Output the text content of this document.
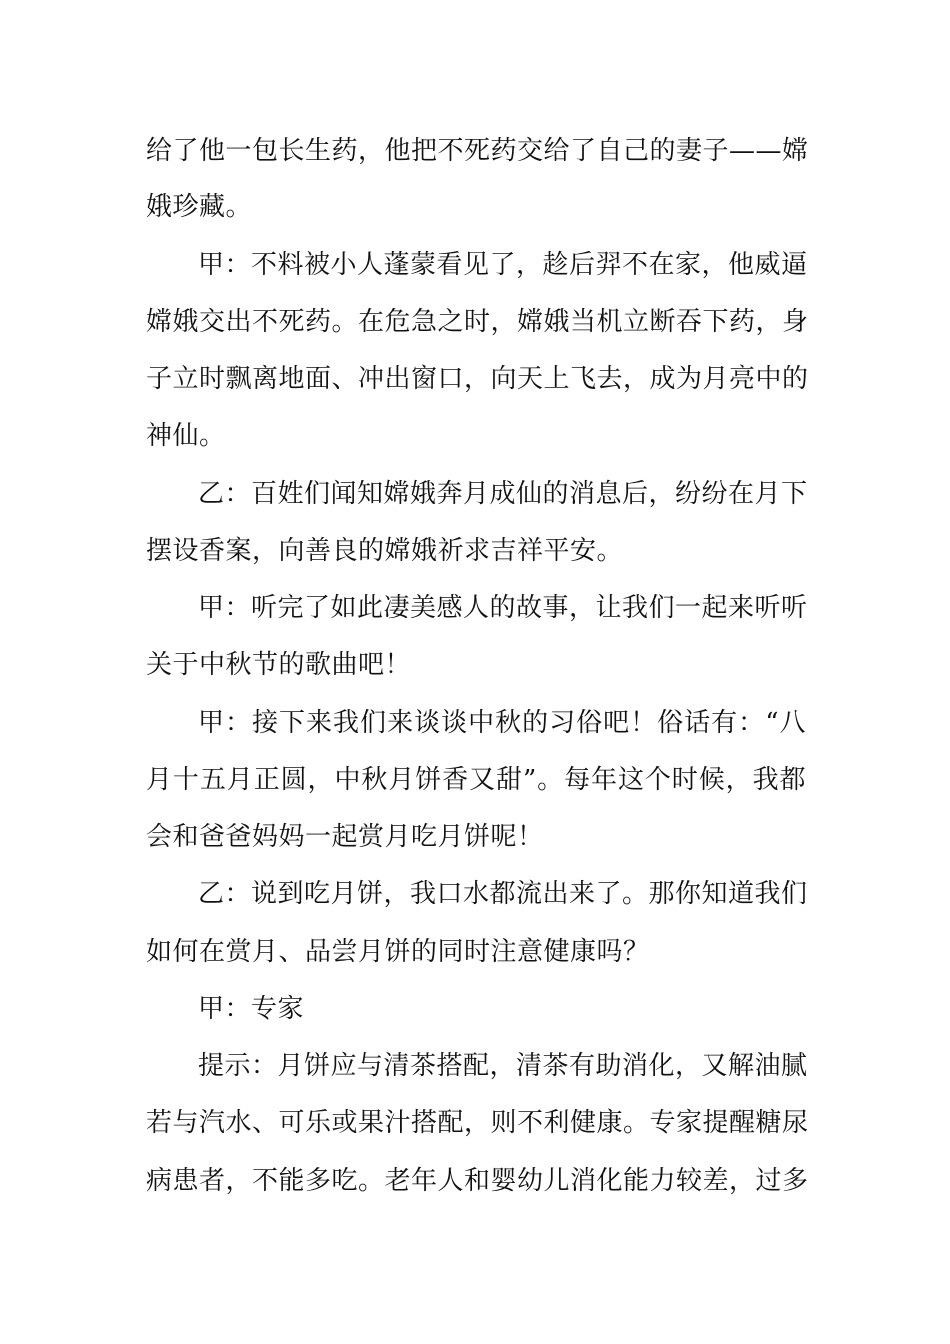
给了他一包长生药，他把不死药交给了自己的妻子——嫦
娥珍藏。
甲：不料被小人蓬蒙看见了，趁后羿不在家，他威逼
嫦娥交出不死药。在危急之时，嫦娥当机立断吞下药，身
子立时飘离地面、冲出窗口，向天上飞去，成为月亮中的
神仙。
乙：百姓们闻知嫦娥奔月成仙的消息后，纷纷在月下
摆设香案，向善良的嫦娥祈求吉祥平安。
甲：听完了如此凄美感人的故事，让我们一起来听听
关于中秋节的歌曲吧！
甲：接下来我们来谈谈中秋的习俗吧！俗话有：“八
月十五月正圆，中秋月饼香又甜”。每年这个时候，我都
会和爸爸妈妈一起赏月吃月饼呢！
乙：说到吃月饼，我口水都流出来了。那你知道我们
如何在赏月、品尝月饼的同时注意健康吗？
甲：专家
提示：月饼应与清茶搭配，清茶有助消化，又解油腻
若与汽水、可乐或果汁搭配，则不利健康。专家提醒糖尿
病患者，不能多吃。老年人和婴幼儿消化能力较差，过多
